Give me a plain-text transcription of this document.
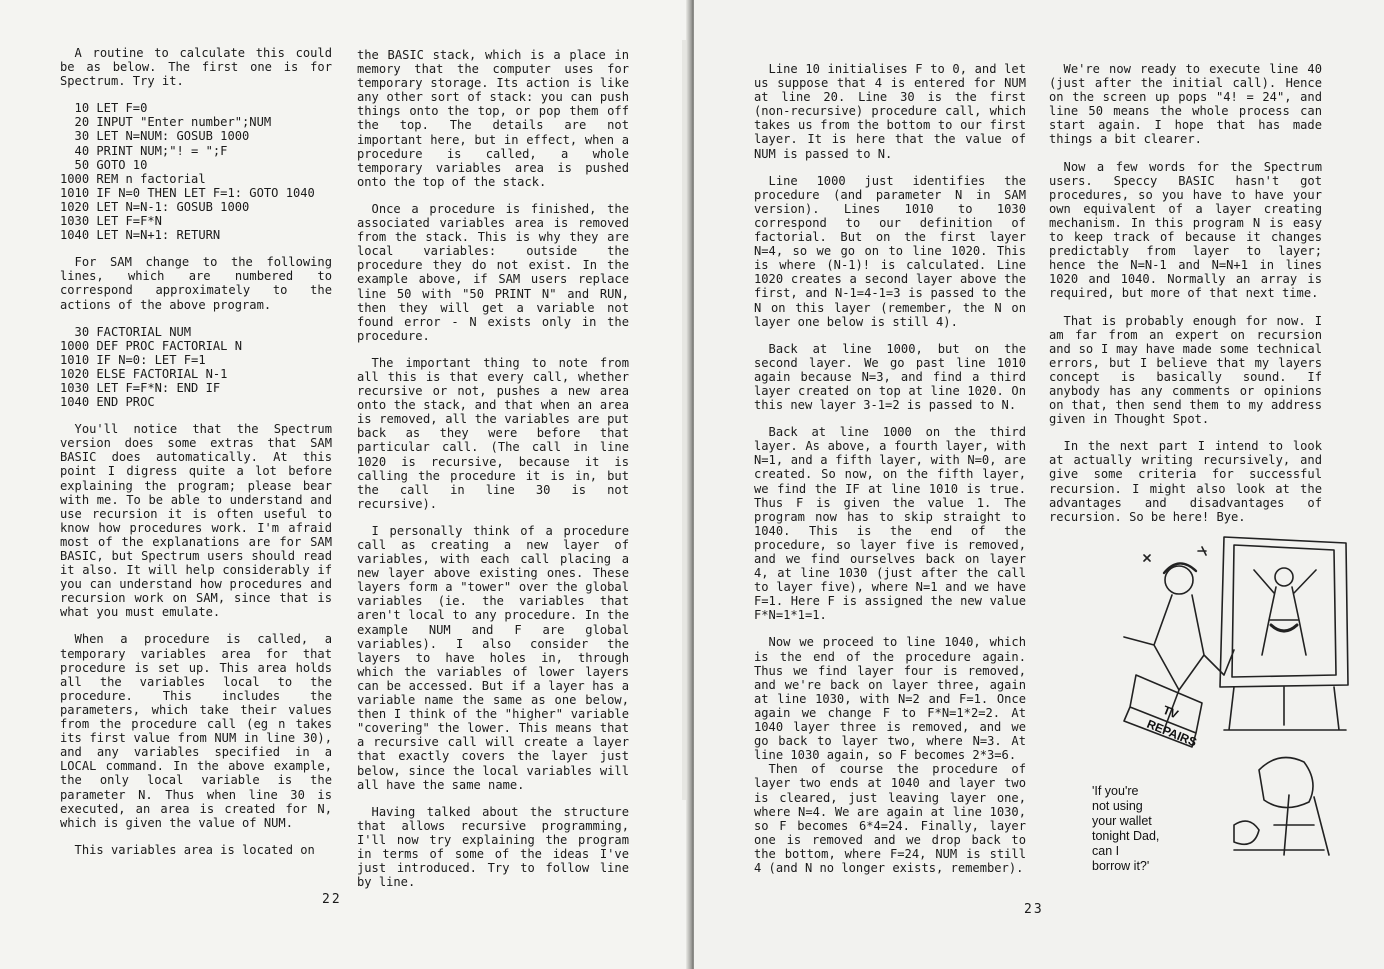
A routine to calculate this could be as below. The first one is for Spectrum. Try it.

10 LET F=0
20 INPUT "Enter number";NUM
30 LET N=NUM: GOSUB 1000
40 PRINT NUM;"! = ";F
50 GOTO 10
1000 REM n factorial
1010 IF N=0 THEN LET F=1: GOTO 1040
1020 LET N=N-1: GOSUB 1000
1030 LET F=F*N
1040 LET N=N+1: RETURN

For SAM change to the following lines, which are numbered to correspond approximately to the actions of the above program.

30 FACTORIAL NUM
1000 DEF PROC FACTORIAL N
1010 IF N=0: LET F=1
1020 ELSE FACTORIAL N-1
1030 LET F=F*N: END IF
1040 END PROC

You'll notice that the Spectrum version does some extras that SAM BASIC does automatically. At this point I digress quite a lot before explaining the program; please bear with me. To be able to understand and use recursion it is often useful to know how procedures work. I'm afraid most of the explanations are for SAM BASIC, but Spectrum users should read it also. It will help considerably if you can understand how procedures and recursion work on SAM, since that is what you must emulate.

When a procedure is called, a temporary variables area for that procedure is set up. This area holds all the variables local to the procedure. This includes the parameters, which take their values from the procedure call (eg n takes its first value from NUM in line 30), and any variables specified in a LOCAL command. In the above example, the only local variable is the parameter N. Thus when line 30 is executed, an area is created for N, which is given the value of NUM.

This variables area is located on

the BASIC stack, which is a place in memory that the computer uses for temporary storage. Its action is like any other sort of stack: you can push things onto the top, or pop them off the top. The details are not important here, but in effect, when a procedure is called, a whole temporary variables area is pushed onto the top of the stack.

Once a procedure is finished, the associated variables area is removed from the stack. This is why they are local variables: outside the procedure they do not exist. In the example above, if SAM users replace line 50 with "50 PRINT N" and RUN, then they will get a variable not found error - N exists only in the procedure.

The important thing to note from all this is that every call, whether recursive or not, pushes a new area onto the stack, and that when an area is removed, all the variables are put back as they were before that particular call. (The call in line 1020 is recursive, because it is calling the procedure it is in, but the call in line 30 is not recursive).

I personally think of a procedure call as creating a new layer of variables, with each call placing a new layer above existing ones. These layers form a "tower" over the global variables (ie. the variables that aren't local to any procedure. In the example NUM and F are global variables). I also consider the layers to have holes in, through which the variables of lower layers can be accessed. But if a layer has a variable name the same as one below, then I think of the "higher" variable "covering" the lower. This means that a recursive call will create a layer that exactly covers the layer just below, since the local variables will all have the same name.

Having talked about the structure that allows recursive programming, I'll now try explaining the program in terms of some of the ideas I've just introduced. Try to follow line by line.

22

Line 10 initialises F to 0, and let us suppose that 4 is entered for NUM at line 20. Line 30 is the first (non-recursive) procedure call, which takes us from the bottom to our first layer. It is here that the value of NUM is passed to N.

Line 1000 just identifies the procedure (and parameter N in SAM version). Lines 1010 to 1030 correspond to our definition of factorial. But on the first layer N=4, so we go on to line 1020. This is where (N-1)! is calculated. Line 1020 creates a second layer above the first, and N-1=4-1=3 is passed to the N on this layer (remember, the N on layer one below is still 4).

Back at line 1000, but on the second layer. We go past line 1010 again because N=3, and find a third layer created on top at line 1020. On this new layer 3-1=2 is passed to N.

Back at line 1000 on the third layer. As above, a fourth layer, with N=1, and a fifth layer, with N=0, are created. So now, on the fifth layer, we find the IF at line 1010 is true. Thus F is given the value 1. The program now has to skip straight to 1040. This is the end of the procedure, so layer five is removed, and we find ourselves back on layer 4, at line 1030 (just after the call to layer five), where N=1 and we have F=1. Here F is assigned the new value F*N=1*1=1.

Now we proceed to line 1040, which is the end of the procedure again. Thus we find layer four is removed, and we're back on layer three, again at line 1030, with N=2 and F=1. Once again we change F to F*N=1*2=2. At 1040 layer three is removed, and we go back to layer two, where N=3. At line 1030 again, so F becomes 2*3=6.

Then of course the procedure of layer two ends at 1040 and layer two is cleared, just leaving layer one, where N=4. We are again at line 1030, so F becomes 6*4=24. Finally, layer one is removed and we drop back to the bottom, where F=24, NUM is still 4 (and N no longer exists, remember).

We're now ready to execute line 40 (just after the initial call). Hence on the screen up pops "4! = 24", and line 50 means the whole process can start again. I hope that has made things a bit clearer.

Now a few words for the Spectrum users. Speccy BASIC hasn't got procedures, so you have to have your own equivalent of a layer creating mechanism. In this program N is easy to keep track of because it changes predictably from layer to layer; hence the N=N-1 and N=N+1 in lines 1020 and 1040. Normally an array is required, but more of that next time.

That is probably enough for now. I am far from an expert on recursion and so I may have made some technical errors, but I believe that my layers concept is basically sound. If anybody has any comments or opinions on that, then send them to my address given in Thought Spot.

In the next part I intend to look at actually writing recursively, and give some criteria for successful recursion. I might also look at the advantages and disadvantages of recursion. So be here! Bye.

TV
REPAIRS
'If you're
not using
your wallet
tonight Dad,
can I
borrow it?'
23
